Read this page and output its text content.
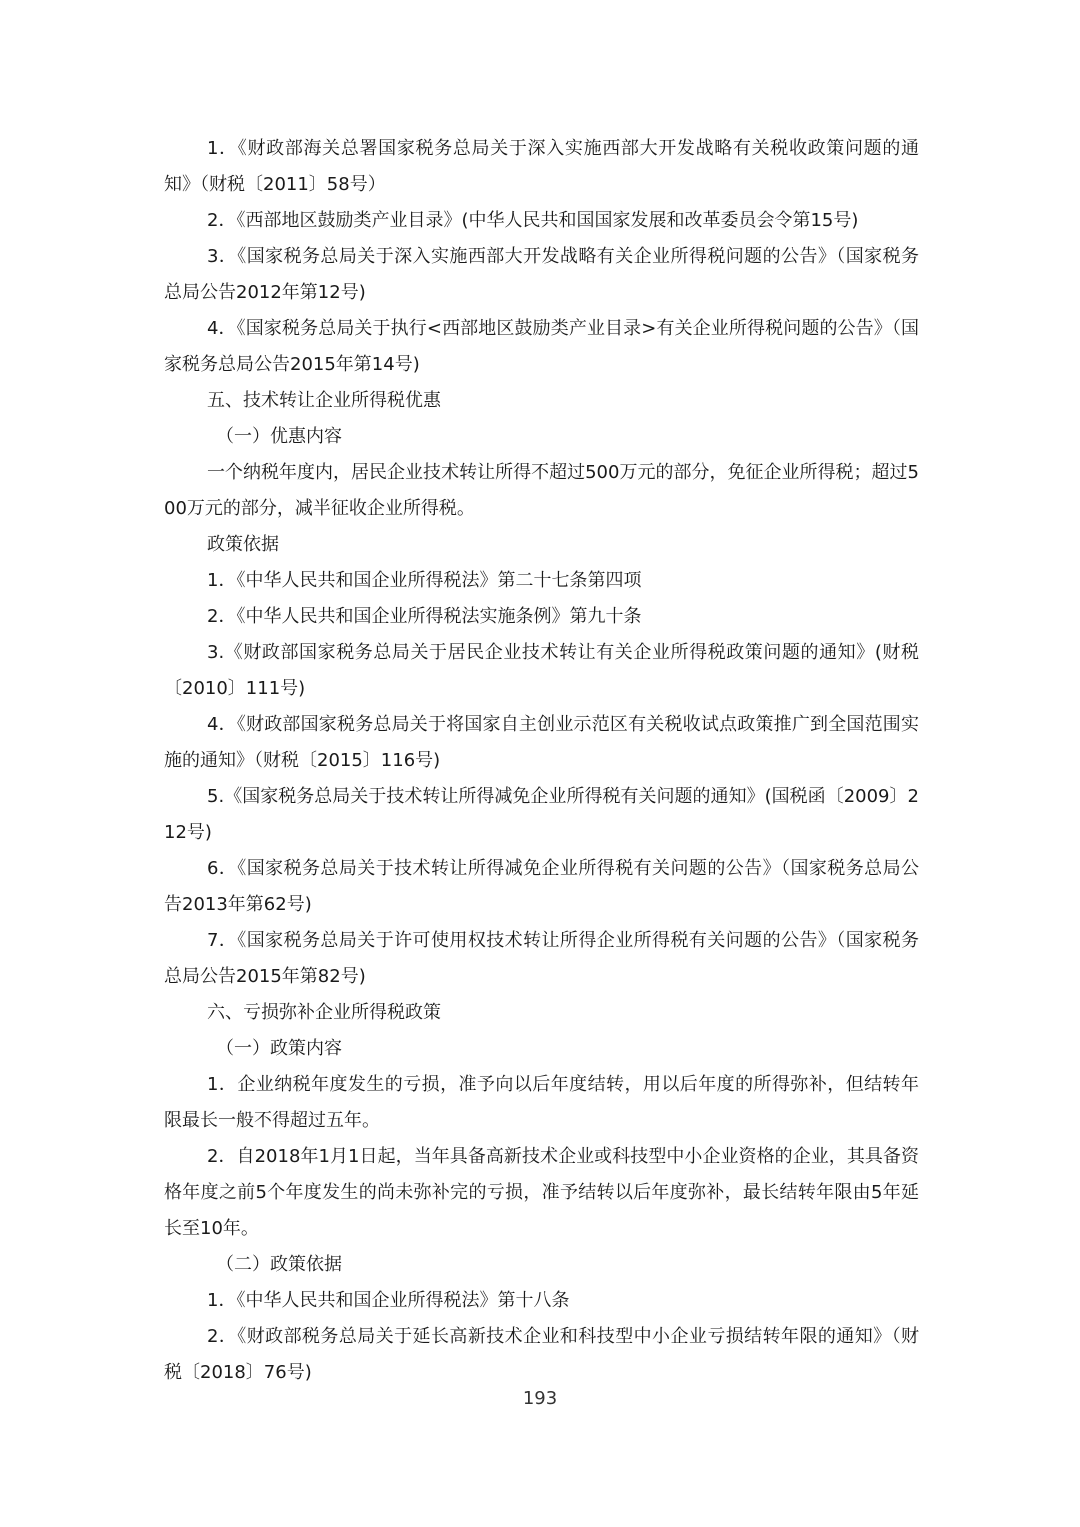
1．《财政部海关总署国家税务总局关于深入实施西部大开发战略有关税收政策问题的通知》（财税〔2011〕58号）

2．《西部地区鼓励类产业目录》(中华人民共和国国家发展和改革委员会令第15号)

3．《国家税务总局关于深入实施西部大开发战略有关企业所得税问题的公告》（国家税务总局公告2012年第12号)

4．《国家税务总局关于执行<西部地区鼓励类产业目录>有关企业所得税问题的公告》（国家税务总局公告2015年第14号)

五、技术转让企业所得税优惠

（一）优惠内容

一个纳税年度内，居民企业技术转让所得不超过500万元的部分，免征企业所得税；超过500万元的部分，减半征收企业所得税。

政策依据

1．《中华人民共和国企业所得税法》第二十七条第四项

2．《中华人民共和国企业所得税法实施条例》第九十条

3.《财政部国家税务总局关于居民企业技术转让有关企业所得税政策问题的通知》(财税〔2010〕111号)

4．《财政部国家税务总局关于将国家自主创业示范区有关税收试点政策推广到全国范围实施的通知》（财税〔2015〕116号)

5.《国家税务总局关于技术转让所得减免企业所得税有关问题的通知》(国税函〔2009〕212号)

6．《国家税务总局关于技术转让所得减免企业所得税有关问题的公告》（国家税务总局公告2013年第62号)

7．《国家税务总局关于许可使用权技术转让所得企业所得税有关问题的公告》（国家税务总局公告2015年第82号)

六、亏损弥补企业所得税政策

（一）政策内容

1．企业纳税年度发生的亏损，准予向以后年度结转，用以后年度的所得弥补，但结转年限最长一般不得超过五年。

2．自2018年1月1日起，当年具备高新技术企业或科技型中小企业资格的企业，其具备资格年度之前5个年度发生的尚未弥补完的亏损，准予结转以后年度弥补，最长结转年限由5年延长至10年。

（二）政策依据

1．《中华人民共和国企业所得税法》第十八条

2．《财政部税务总局关于延长高新技术企业和科技型中小企业亏损结转年限的通知》（财税〔2018〕76号)

193
